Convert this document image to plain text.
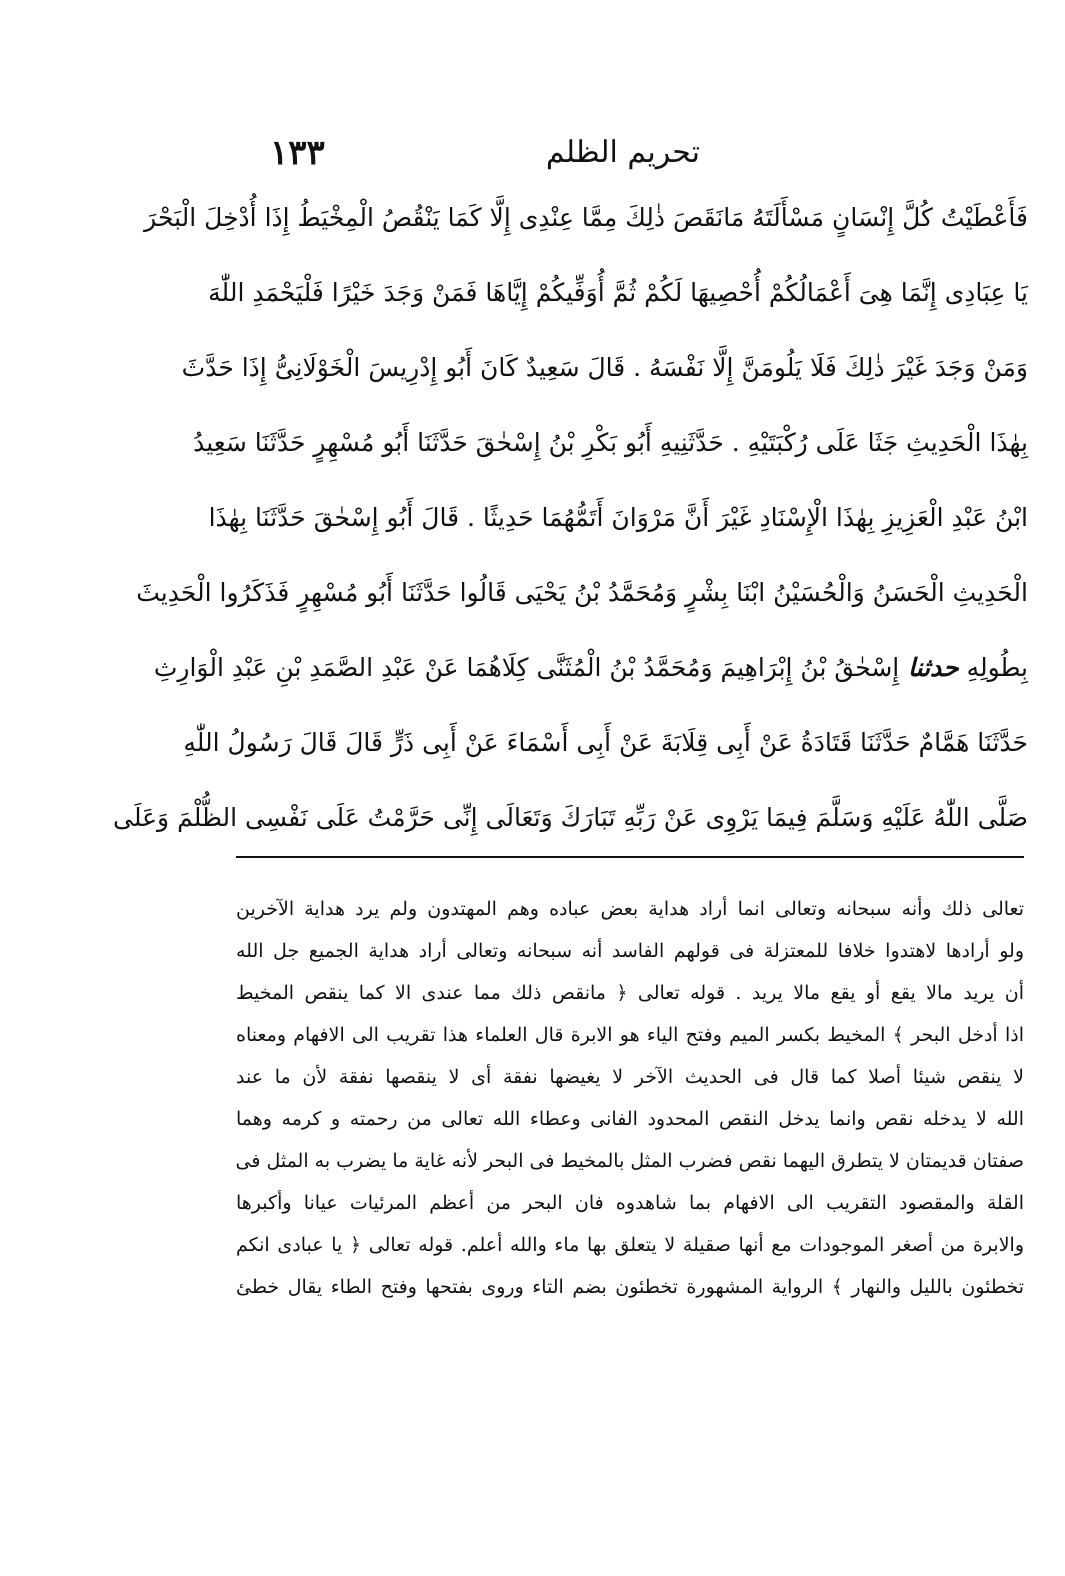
تحريم الظلم
١٣٣
فَأَعْطَيْتُ كُلَّ إِنْسَانٍ مَسْأَلَتَهُ مَانَقَصَ ذٰلِكَ مِمَّا عِنْدِى إِلَّا كَمَا يَنْقُصُ الْمِخْيَطُ إِذَا أُدْخِلَ الْبَحْرَ
يَا عِبَادِى إِنَّمَا هِىَ أَعْمَالُكُمْ أُحْصِيهَا لَكُمْ ثُمَّ أُوَفِّيكُمْ إِيَّاهَا فَمَنْ وَجَدَ خَيْرًا فَلْيَحْمَدِ اللّٰهَ
وَمَنْ وَجَدَ غَيْرَ ذٰلِكَ فَلَا يَلُومَنَّ إِلَّا نَفْسَهُ . قَالَ سَعِيدٌ كَانَ أَبُو إِدْرِيسَ الْخَوْلَانِىُّ إِذَا حَدَّثَ
بِهٰذَا الْحَدِيثِ جَثَا عَلَى رُكْبَتَيْهِ . حَدَّثَنِيهِ أَبُو بَكْرِ بْنُ إِسْحٰقَ حَدَّثَنَا أَبُو مُسْهِرٍ حَدَّثَنَا سَعِيدُ
ابْنُ عَبْدِ الْعَزِيزِ بِهٰذَا الْإِسْنَادِ غَيْرَ أَنَّ مَرْوَانَ أَتَمُّهُمَا حَدِيثًا . قَالَ أَبُو إِسْحٰقَ حَدَّثَنَا بِهٰذَا
الْحَدِيثِ الْحَسَنُ وَالْحُسَيْنُ ابْنَا بِشْرٍ وَمُحَمَّدُ بْنُ يَحْيَى قَالُوا حَدَّثَنَا أَبُو مُسْهِرٍ فَذَكَرُوا الْحَدِيثَ
بِطُولِهِ حدثنا إِسْحٰقُ بْنُ إِبْرَاهِيمَ وَمُحَمَّدُ بْنُ الْمُثَنَّى كِلَاهُمَا عَنْ عَبْدِ الصَّمَدِ بْنِ عَبْدِ الْوَارِثِ
حَدَّثَنَا هَمَّامٌ حَدَّثَنَا قَتَادَةُ عَنْ أَبِى قِلَابَةَ عَنْ أَبِى أَسْمَاءَ عَنْ أَبِى ذَرٍّ قَالَ قَالَ رَسُولُ اللّٰهِ
صَلَّى اللّٰهُ عَلَيْهِ وَسَلَّمَ فِيمَا يَرْوِى عَنْ رَبِّهِ تَبَارَكَ وَتَعَالَى إِنِّى حَرَّمْتُ عَلَى نَفْسِى الظُّلْمَ وَعَلَى
تعالى ذلك وأنه سبحانه وتعالى انما أراد هداية بعض عباده وهم المهتدون ولم يرد هداية الآخرين
ولو أرادها لاهتدوا خلافا للمعتزلة فى قولهم الفاسد أنه سبحانه وتعالى أراد هداية الجميع جل الله
أن يريد مالا يقع أو يقع مالا يريد . قوله تعالى ﴿ مانقص ذلك مما عندى الا كما ينقص المخيط
اذا أدخل البحر ﴾ المخيط بكسر الميم وفتح الياء هو الابرة قال العلماء هذا تقريب الى الافهام ومعناه
لا ينقص شيئا أصلا كما قال فى الحديث الآخر لا يغيضها نفقة أى لا ينقصها نفقة لأن ما عند
الله لا يدخله نقص وانما يدخل النقص المحدود الفانى وعطاء الله تعالى من رحمته و كرمه وهما
صفتان قديمتان لا يتطرق اليهما نقص فضرب المثل بالمخيط فى البحر لأنه غاية ما يضرب به المثل فى
القلة والمقصود التقريب الى الافهام بما شاهدوه فان البحر من أعظم المرئيات عيانا وأكبرها
والابرة من أصغر الموجودات مع أنها صقيلة لا يتعلق بها ماء والله أعلم. قوله تعالى ﴿ يا عبادى انكم
تخطئون بالليل والنهار ﴾ الرواية المشهورة تخطئون بضم التاء وروى بفتحها وفتح الطاء يقال خطئ
